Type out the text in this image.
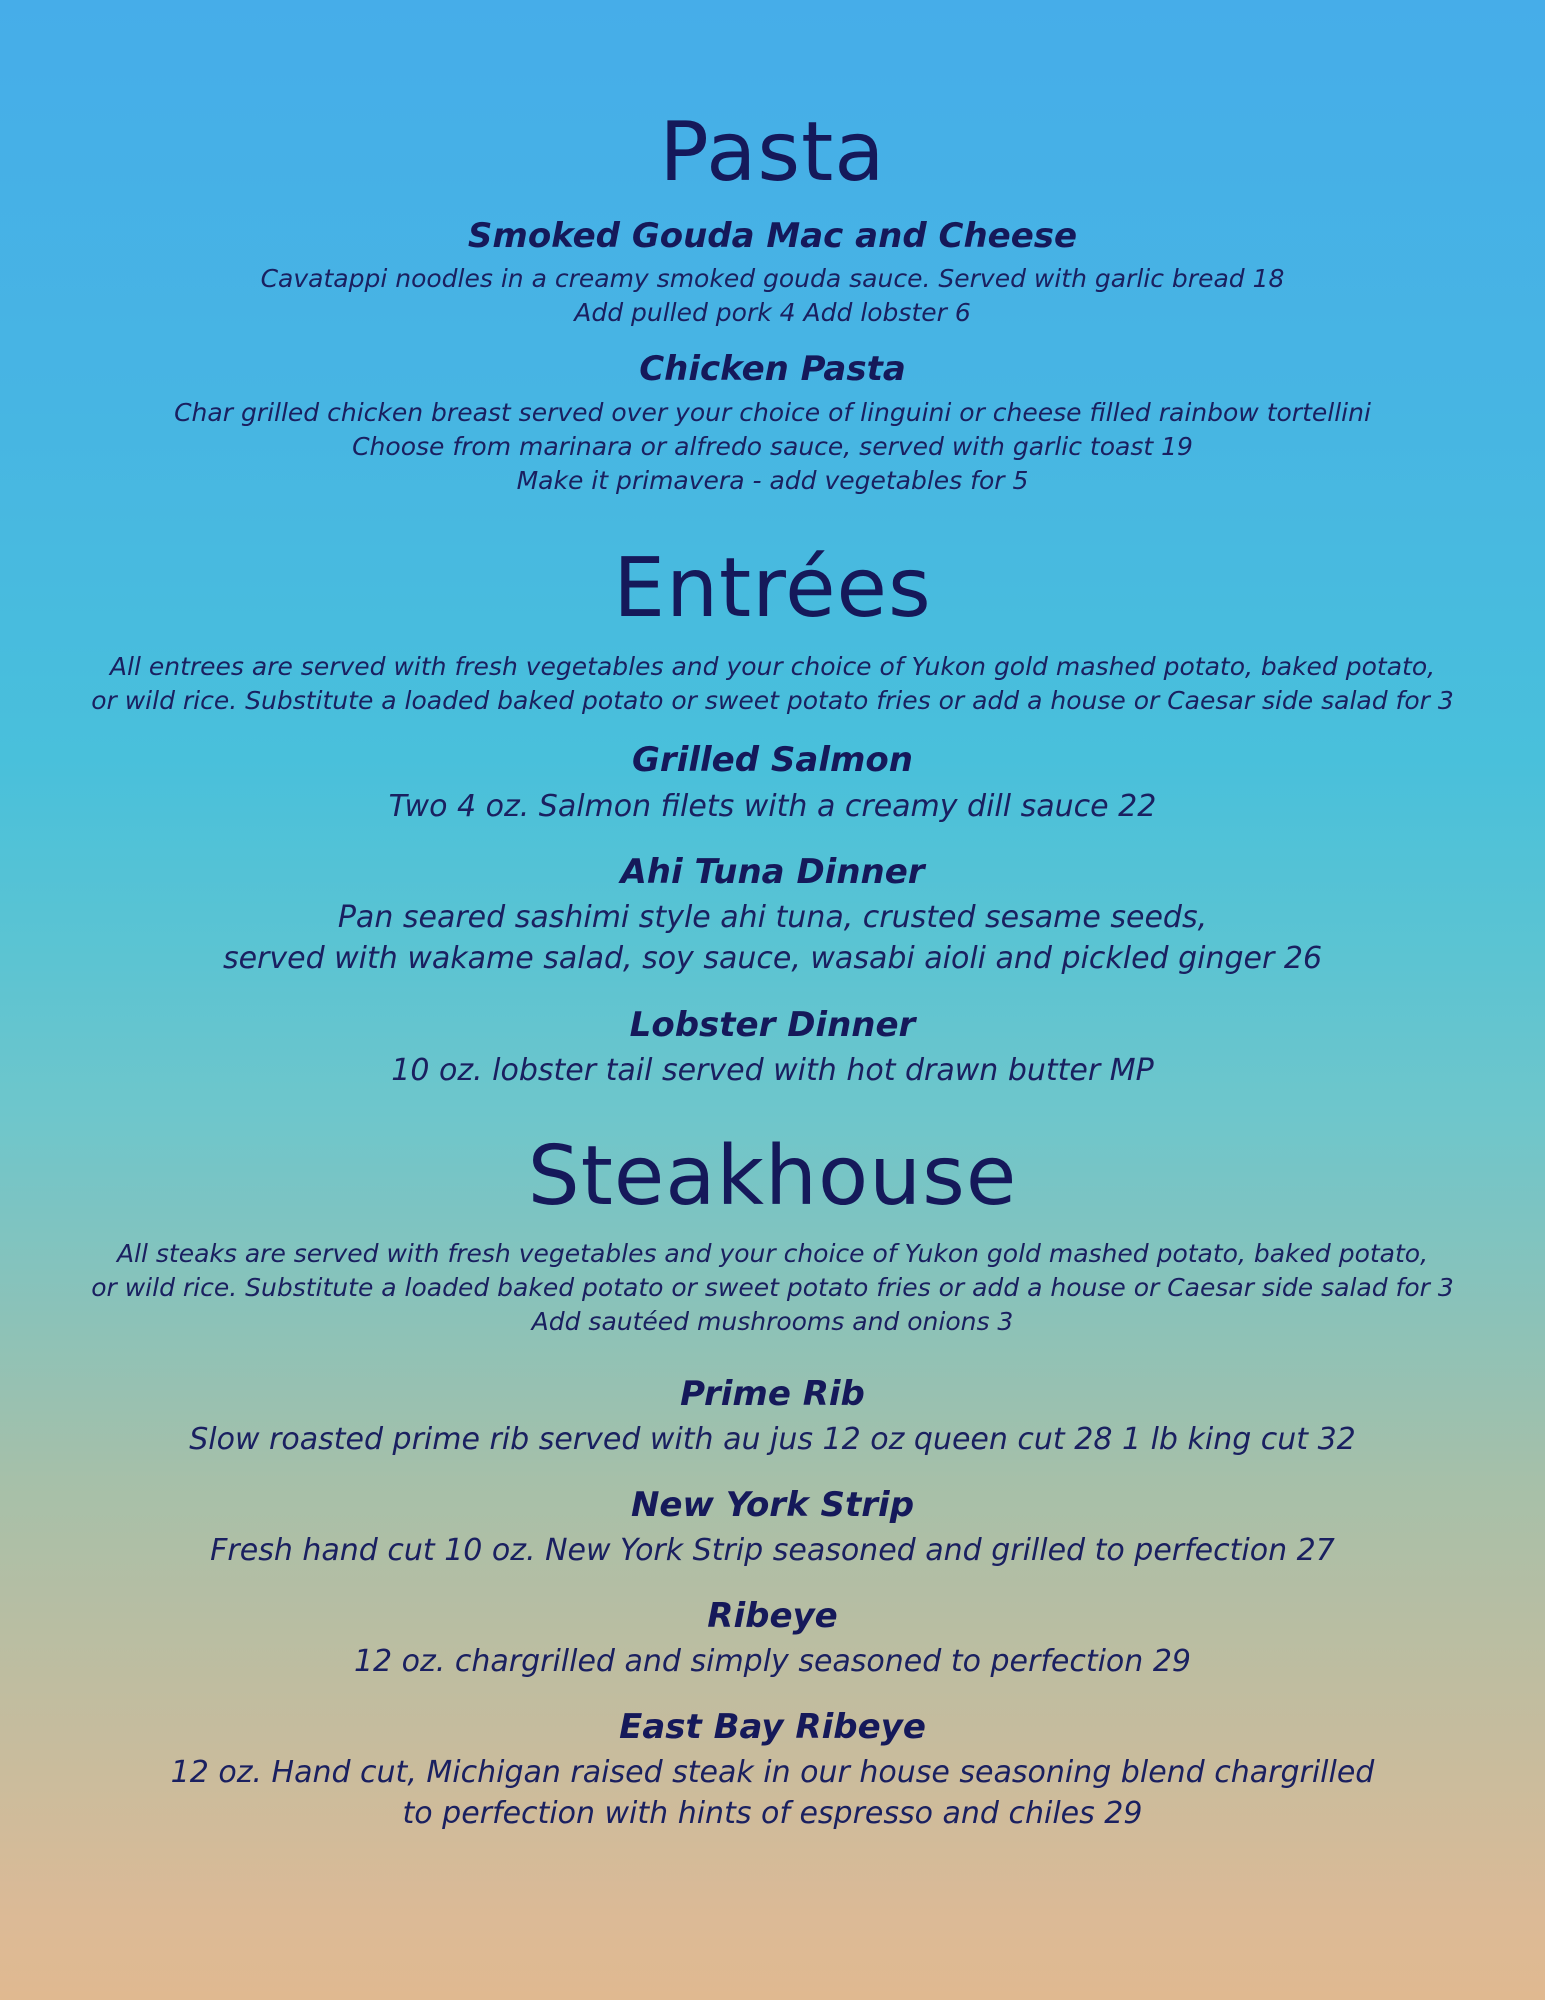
Pasta
Smoked Gouda Mac and Cheese

Cavatappi noodles in a creamy smoked gouda sauce. Served with garlic bread 18

Add pulled pork 4 Add lobster 6

Chicken Pasta

Char grilled chicken breast served over your choice of linguini or cheese filled rainbow tortellini

Choose from marinara or alfredo sauce, served with garlic toast 19

Make it primavera - add vegetables for 5

Entrées

All entrees are served with fresh vegetables and your choice of Yukon gold mashed potato, baked potato,

or wild rice. Substitute a loaded baked potato or sweet potato fries or add a house or Caesar side salad for 3

Grilled Salmon

Two 4 oz. Salmon filets with a creamy dill sauce 22

Ahi Tuna Dinner

Pan seared sashimi style ahi tuna, crusted sesame seeds,

served with wakame salad, soy sauce, wasabi aioli and pickled ginger 26

Lobster Dinner

10 oz. lobster tail served with hot drawn butter MP

Steakhouse

All steaks are served with fresh vegetables and your choice of Yukon gold mashed potato, baked potato,

or wild rice. Substitute a loaded baked potato or sweet potato fries or add a house or Caesar side salad for 3

Add sautéed mushrooms and onions 3

Prime Rib

Slow roasted prime rib served with au jus 12 oz queen cut 28 1 lb king cut 32

New York Strip

Fresh hand cut 10 oz. New York Strip seasoned and grilled to perfection 27

Ribeye

12 oz. chargrilled and simply seasoned to perfection 29

East Bay Ribeye

12 oz. Hand cut, Michigan raised steak in our house seasoning blend chargrilled

to perfection with hints of espresso and chiles 29
